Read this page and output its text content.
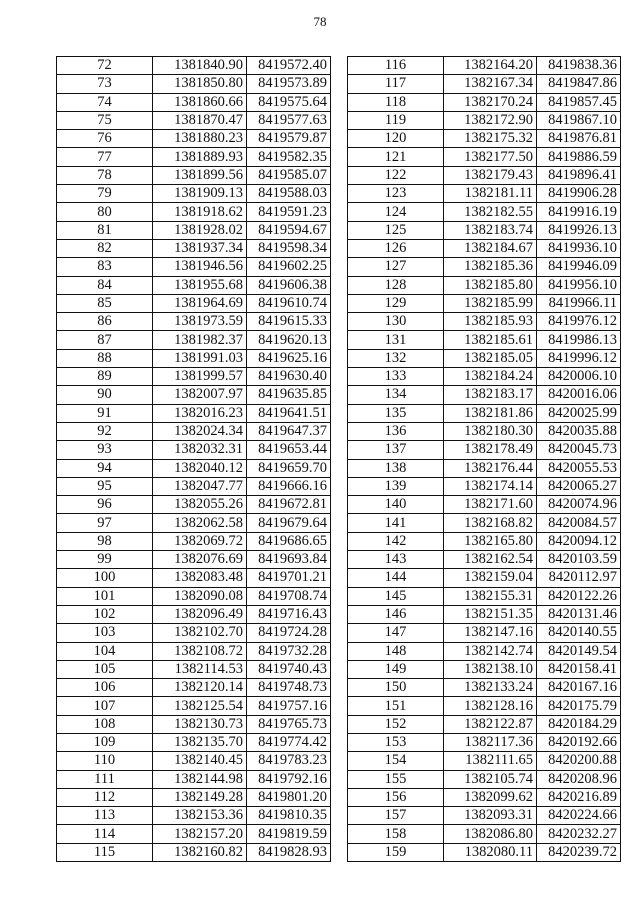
78
72	1381840.90	8419572.40
73	1381850.80	8419573.89
74	1381860.66	8419575.64
75	1381870.47	8419577.63
76	1381880.23	8419579.87
77	1381889.93	8419582.35
78	1381899.56	8419585.07
79	1381909.13	8419588.03
80	1381918.62	8419591.23
81	1381928.02	8419594.67
82	1381937.34	8419598.34
83	1381946.56	8419602.25
84	1381955.68	8419606.38
85	1381964.69	8419610.74
86	1381973.59	8419615.33
87	1381982.37	8419620.13
88	1381991.03	8419625.16
89	1381999.57	8419630.40
90	1382007.97	8419635.85
91	1382016.23	8419641.51
92	1382024.34	8419647.37
93	1382032.31	8419653.44
94	1382040.12	8419659.70
95	1382047.77	8419666.16
96	1382055.26	8419672.81
97	1382062.58	8419679.64
98	1382069.72	8419686.65
99	1382076.69	8419693.84
100	1382083.48	8419701.21
101	1382090.08	8419708.74
102	1382096.49	8419716.43
103	1382102.70	8419724.28
104	1382108.72	8419732.28
105	1382114.53	8419740.43
106	1382120.14	8419748.73
107	1382125.54	8419757.16
108	1382130.73	8419765.73
109	1382135.70	8419774.42
110	1382140.45	8419783.23
111	1382144.98	8419792.16
112	1382149.28	8419801.20
113	1382153.36	8419810.35
114	1382157.20	8419819.59
115	1382160.82	8419828.93
116	1382164.20	8419838.36
117	1382167.34	8419847.86
118	1382170.24	8419857.45
119	1382172.90	8419867.10
120	1382175.32	8419876.81
121	1382177.50	8419886.59
122	1382179.43	8419896.41
123	1382181.11	8419906.28
124	1382182.55	8419916.19
125	1382183.74	8419926.13
126	1382184.67	8419936.10
127	1382185.36	8419946.09
128	1382185.80	8419956.10
129	1382185.99	8419966.11
130	1382185.93	8419976.12
131	1382185.61	8419986.13
132	1382185.05	8419996.12
133	1382184.24	8420006.10
134	1382183.17	8420016.06
135	1382181.86	8420025.99
136	1382180.30	8420035.88
137	1382178.49	8420045.73
138	1382176.44	8420055.53
139	1382174.14	8420065.27
140	1382171.60	8420074.96
141	1382168.82	8420084.57
142	1382165.80	8420094.12
143	1382162.54	8420103.59
144	1382159.04	8420112.97
145	1382155.31	8420122.26
146	1382151.35	8420131.46
147	1382147.16	8420140.55
148	1382142.74	8420149.54
149	1382138.10	8420158.41
150	1382133.24	8420167.16
151	1382128.16	8420175.79
152	1382122.87	8420184.29
153	1382117.36	8420192.66
154	1382111.65	8420200.88
155	1382105.74	8420208.96
156	1382099.62	8420216.89
157	1382093.31	8420224.66
158	1382086.80	8420232.27
159	1382080.11	8420239.72
